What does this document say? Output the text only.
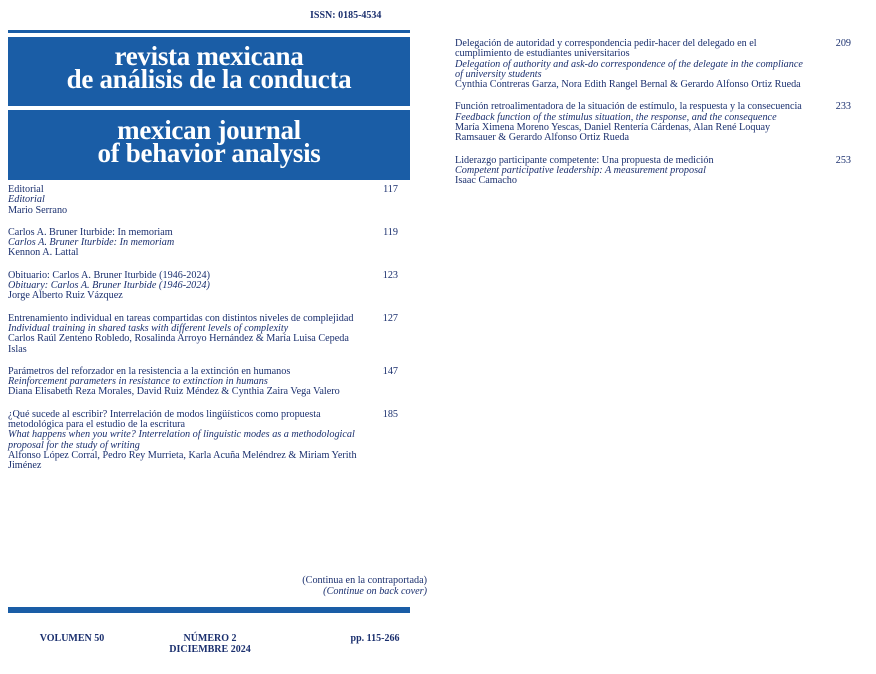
ISSN: 0185-4534
revista mexicana
de análisis de la conducta
mexican journal
of behavior analysis
Editorial
Editorial
Mario Serrano
117
Carlos A. Bruner Iturbide: In memoriam
Carlos A. Bruner Iturbide: In memoriam
Kennon A. Lattal
119
Obituario: Carlos A. Bruner Iturbide (1946-2024)
Obituary: Carlos A. Bruner Iturbide (1946-2024)
Jorge Alberto Ruiz Vázquez
123
Entrenamiento individual en tareas compartidas con distintos niveles de complejidad
Individual training in shared tasks with different levels of complexity
Carlos Raúl Zenteno Robledo, Rosalinda Arroyo Hernández & María Luisa Cepeda Islas
127
Parámetros del reforzador en la resistencia a la extinción en humanos
Reinforcement parameters in resistance to extinction in humans
Diana Elisabeth Reza Morales, David Ruiz Méndez & Cynthia Zaira Vega Valero
147
¿Qué sucede al escribir? Interrelación de modos lingüísticos como propuesta metodológica para el estudio de la escritura
What happens when you write? Interrelation of linguistic modes as a methodological proposal for the study of writing
Alfonso López Corral, Pedro Rey Murrieta, Karla Acuña Meléndrez & Miriam Yerith Jiménez
185
(Continua en la contraportada)
(Continue on back cover)
VOLUMEN 50	NÚMERO 2
DICIEMBRE 2024
pp. 115-266
Delegación de autoridad y correspondencia pedir-hacer del delegado en el cumplimiento de estudiantes universitarios
Delegation of authority and ask-do correspondence of the delegate in the compliance of university students
Cynthia Contreras Garza, Nora Edith Rangel Bernal & Gerardo Alfonso Ortiz Rueda
209
Función retroalimentadora de la situación de estímulo, la respuesta y la consecuencia
Feedback function of the stimulus situation, the response, and the consequence
María Ximena Moreno Yescas, Daniel Rentería Cárdenas, Alan René Loquay Ramsauer & Gerardo Alfonso Ortiz Rueda
233
Liderazgo participante competente: Una propuesta de medición
Competent participative leadership: A measurement proposal
Isaac Camacho
253
